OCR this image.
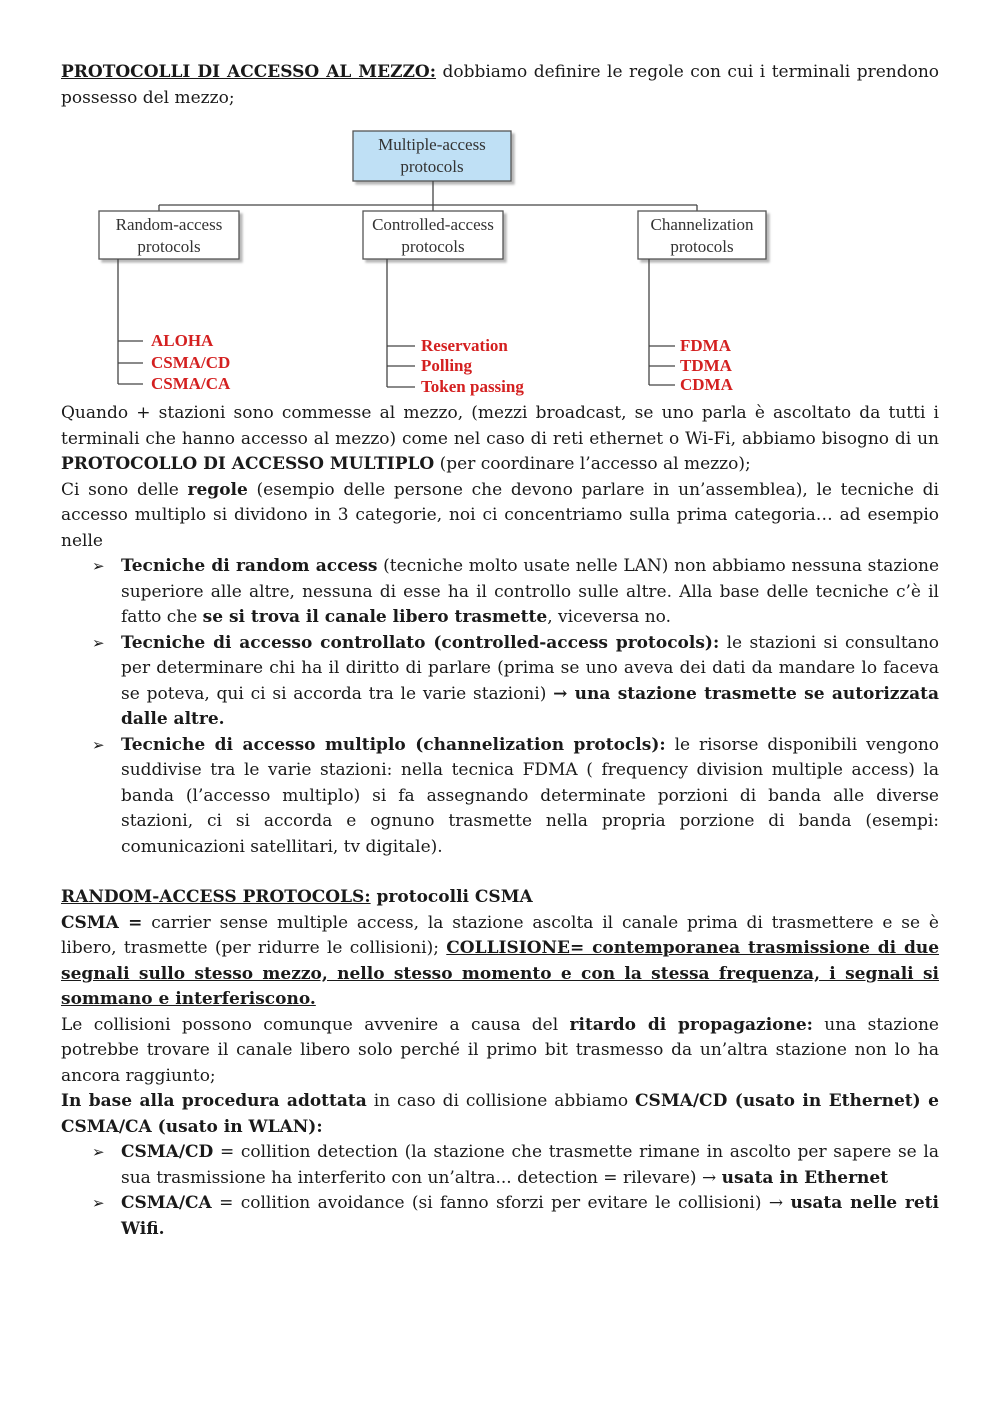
PROTOCOLLI DI ACCESSO AL MEZZO: dobbiamo definire le regole con cui i terminali prendono possesso del mezzo;

Multiple-access
protocols
Random-access
protocols
Controlled-access
protocols
Channelization
protocols
ALOHA
CSMA/CD
CSMA/CA
Reservation
Polling
Token passing
FDMA
TDMA
CDMA

Quando + stazioni sono commesse al mezzo, (mezzi broadcast, se uno parla è ascoltato da tutti i terminali che hanno accesso al mezzo) come nel caso di reti ethernet o Wi-Fi, abbiamo bisogno di un PROTOCOLLO DI ACCESSO MULTIPLO (per coordinare l’accesso al mezzo);

Ci sono delle regole (esempio delle persone che devono parlare in un’assemblea), le tecniche di accesso multiplo si dividono in 3 categorie, noi ci concentriamo sulla prima categoria… ad esempio nelle

➢ Tecniche di random access (tecniche molto usate nelle LAN) non abbiamo nessuna stazione superiore alle altre, nessuna di esse ha il controllo sulle altre. Alla base delle tecniche c’è il fatto che se si trova il canale libero trasmette, viceversa no.
➢ Tecniche di accesso controllato (controlled-access protocols): le stazioni si consultano per determinare chi ha il diritto di parlare (prima se uno aveva dei dati da mandare lo faceva se poteva, qui ci si accorda tra le varie stazioni) → una stazione trasmette se autorizzata dalle altre.
➢ Tecniche di accesso multiplo (channelization protocls): le risorse disponibili vengono suddivise tra le varie stazioni: nella tecnica FDMA ( frequency division multiple access) la banda (l’accesso multiplo) si fa assegnando determinate porzioni di banda alle diverse stazioni, ci si accorda e ognuno trasmette nella propria porzione di banda (esempi: comunicazioni satellitari, tv digitale).

RANDOM-ACCESS PROTOCOLS: protocolli CSMA

CSMA = carrier sense multiple access, la stazione ascolta il canale prima di trasmettere e se è libero, trasmette (per ridurre le collisioni); COLLISIONE= contemporanea trasmissione di due segnali sullo stesso mezzo, nello stesso momento e con la stessa frequenza, i segnali si sommano e interferiscono.

Le collisioni possono comunque avvenire a causa del ritardo di propagazione: una stazione potrebbe trovare il canale libero solo perché il primo bit trasmesso da un’altra stazione non lo ha ancora raggiunto;

In base alla procedura adottata in caso di collisione abbiamo CSMA/CD (usato in Ethernet) e CSMA/CA (usato in WLAN):

➢ CSMA/CD = collition detection (la stazione che trasmette rimane in ascolto per sapere se la sua trasmissione ha interferito con un’altra... detection = rilevare) → usata in Ethernet
➢ CSMA/CA = collition avoidance (si fanno sforzi per evitare le collisioni) → usata nelle reti Wifi.
